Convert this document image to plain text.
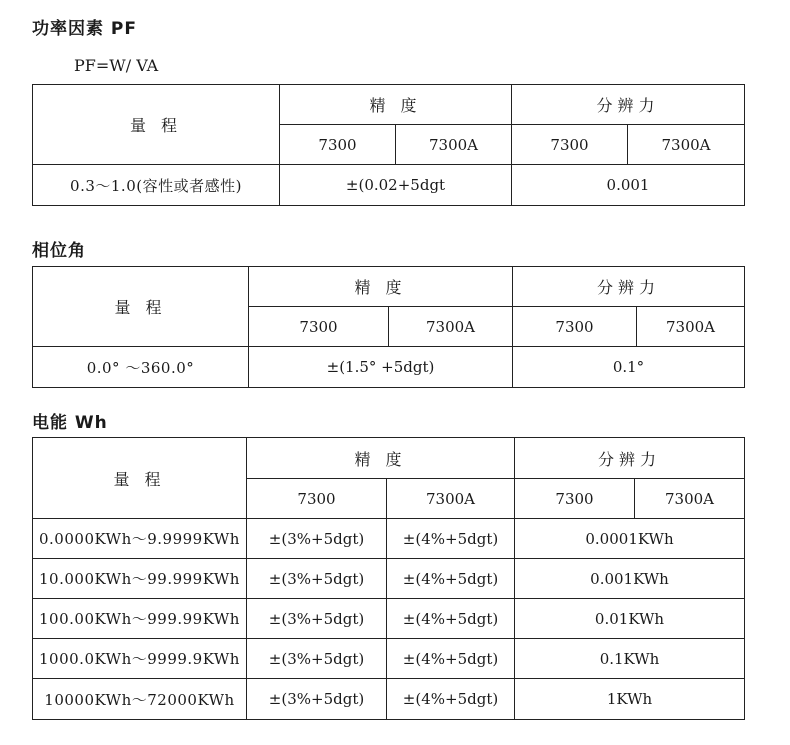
功率因素 PF
PF=W/ VA
量 程	精 度		分辨力	
	7300	7300A	7300	7300A
0.3～1.0(容性或者感性)	±(0.02+5dgt		0.001	
相位角
量 程	精 度		分辨力	
	7300	7300A	7300	7300A
0.0° ～360.0°	±(1.5° +5dgt)		0.1°	
电能 Wh
量 程	精 度		分辨力	
	7300	7300A	7300	7300A
0.0000KWh～9.9999KWh	±(3%+5dgt)	±(4%+5dgt)	0.0001KWh	
10.000KWh～99.999KWh	±(3%+5dgt)	±(4%+5dgt)	0.001KWh	
100.00KWh～999.99KWh	±(3%+5dgt)	±(4%+5dgt)	0.01KWh	
1000.0KWh～9999.9KWh	±(3%+5dgt)	±(4%+5dgt)	0.1KWh	
10000KWh～72000KWh	±(3%+5dgt)	±(4%+5dgt)	1KWh	
